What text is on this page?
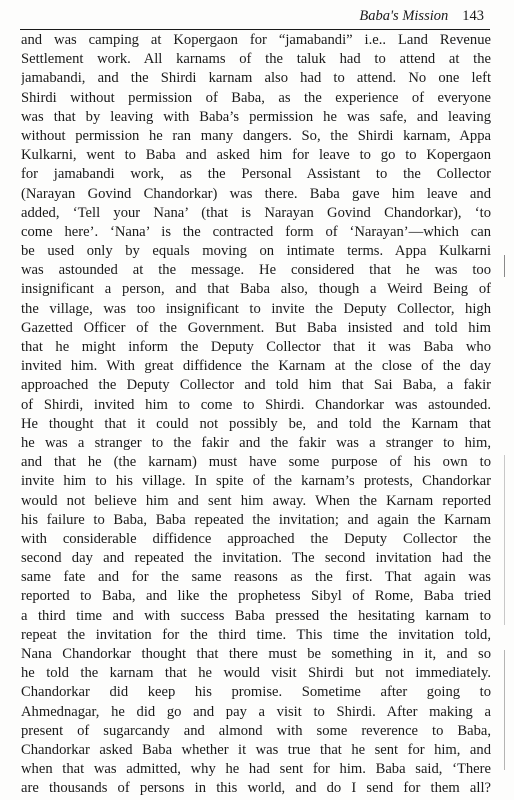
Baba's Mission 143
and was camping at Kopergaon for “jamabandi” i.e.. Land Revenue
Settlement work. All karnams of the taluk had to attend at the
jamabandi, and the Shirdi karnam also had to attend. No one left
Shirdi without permission of Baba, as the experience of everyone
was that by leaving with Baba’s permission he was safe, and leaving
without permission he ran many dangers. So, the Shirdi karnam, Appa
Kulkarni, went to Baba and asked him for leave to go to Kopergaon
for jamabandi work, as the Personal Assistant to the Collector
(Narayan Govind Chandorkar) was there. Baba gave him leave and
added, ‘Tell your Nana’ (that is Narayan Govind Chandorkar), ‘to
come here’. ‘Nana’ is the contracted form of ‘Narayan’—which can
be used only by equals moving on intimate terms. Appa Kulkarni
was astounded at the message. He considered that he was too
insignificant a person, and that Baba also, though a Weird Being of
the village, was too insignificant to invite the Deputy Collector, high
Gazetted Officer of the Government. But Baba insisted and told him
that he might inform the Deputy Collector that it was Baba who
invited him. With great diffidence the Karnam at the close of the day
approached the Deputy Collector and told him that Sai Baba, a fakir
of Shirdi, invited him to come to Shirdi. Chandorkar was astounded.
He thought that it could not possibly be, and told the Karnam that
he was a stranger to the fakir and the fakir was a stranger to him,
and that he (the karnam) must have some purpose of his own to
invite him to his village. In spite of the karnam’s protests, Chandorkar
would not believe him and sent him away. When the Karnam reported
his failure to Baba, Baba repeated the invitation; and again the Karnam
with considerable diffidence approached the Deputy Collector the
second day and repeated the invitation. The second invitation had the
same fate and for the same reasons as the first. That again was
reported to Baba, and like the prophetess Sibyl of Rome, Baba tried
a third time and with success Baba pressed the hesitating karnam to
repeat the invitation for the third time. This time the invitation told,
Nana Chandorkar thought that there must be something in it, and so
he told the karnam that he would visit Shirdi but not immediately.
Chandorkar did keep his promise. Sometime after going to
Ahmednagar, he did go and pay a visit to Shirdi. After making a
present of sugarcandy and almond with some reverence to Baba,
Chandorkar asked Baba whether it was true that he sent for him, and
when that was admitted, why he had sent for him. Baba said, ‘There
are thousands of persons in this world, and do I send for them all?
